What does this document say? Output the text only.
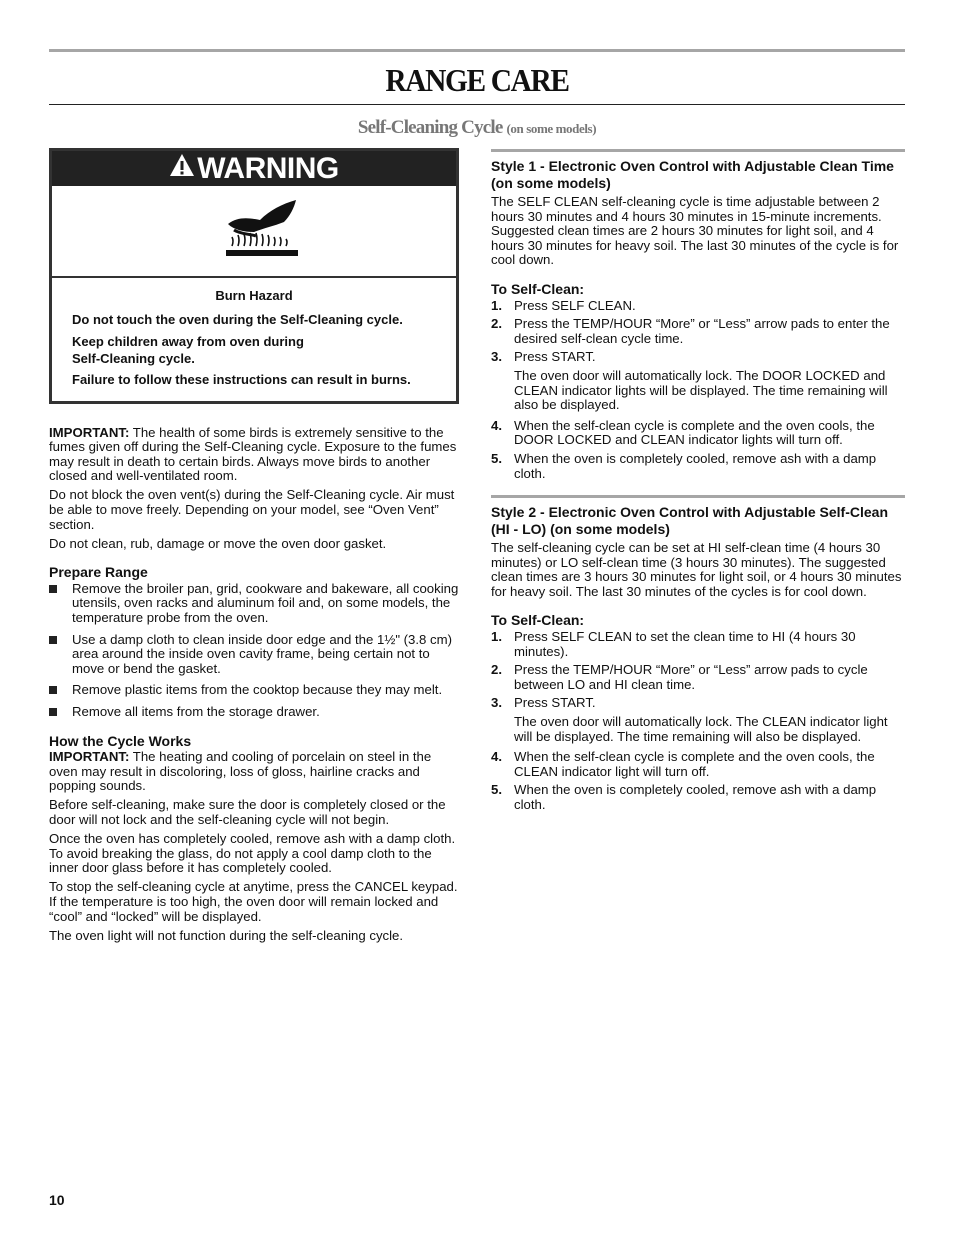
RANGE CARE
Self-Cleaning Cycle (on some models)
WARNING
Burn Hazard

Do not touch the oven during the Self-Cleaning cycle.

Keep children away from oven during Self-Cleaning cycle.

Failure to follow these instructions can result in burns.

IMPORTANT: The health of some birds is extremely sensitive to the fumes given off during the Self-Cleaning cycle. Exposure to the fumes may result in death to certain birds. Always move birds to another closed and well-ventilated room.

Do not block the oven vent(s) during the Self-Cleaning cycle. Air must be able to move freely. Depending on your model, see “Oven Vent” section.

Do not clean, rub, damage or move the oven door gasket.

Prepare Range
Remove the broiler pan, grid, cookware and bakeware, all cooking utensils, oven racks and aluminum foil and, on some models, the temperature probe from the oven.
Use a damp cloth to clean inside door edge and the 1½" (3.8 cm) area around the inside oven cavity frame, being certain not to move or bend the gasket.
Remove plastic items from the cooktop because they may melt.
Remove all items from the storage drawer.
How the Cycle Works

IMPORTANT: The heating and cooling of porcelain on steel in the oven may result in discoloring, loss of gloss, hairline cracks and popping sounds.

Before self-cleaning, make sure the door is completely closed or the door will not lock and the self-cleaning cycle will not begin.

Once the oven has completely cooled, remove ash with a damp cloth. To avoid breaking the glass, do not apply a cool damp cloth to the inner door glass before it has completely cooled.

To stop the self-cleaning cycle at anytime, press the CANCEL keypad. If the temperature is too high, the oven door will remain locked and “cool” and “locked” will be displayed.

The oven light will not function during the self-cleaning cycle.

Style 1 - Electronic Oven Control with Adjustable Clean Time (on some models)

The SELF CLEAN self-cleaning cycle is time adjustable between 2 hours 30 minutes and 4 hours 30 minutes in 15-minute increments. Suggested clean times are 2 hours 30 minutes for light soil, and 4 hours 30 minutes for heavy soil. The last 30 minutes of the cycle is for cool down.

To Self-Clean:
1. Press SELF CLEAN.
2. Press the TEMP/HOUR “More” or “Less” arrow pads to enter the desired self-clean cycle time.
3. Press START.
The oven door will automatically lock. The DOOR LOCKED and CLEAN indicator lights will be displayed. The time remaining will also be displayed.
4. When the self-clean cycle is complete and the oven cools, the DOOR LOCKED and CLEAN indicator lights will turn off.
5. When the oven is completely cooled, remove ash with a damp cloth.
Style 2 - Electronic Oven Control with Adjustable Self-Clean (HI - LO) (on some models)

The self-cleaning cycle can be set at HI self-clean time (4 hours 30 minutes) or LO self-clean time (3 hours 30 minutes). The suggested clean times are 3 hours 30 minutes for light soil, or 4 hours 30 minutes for heavy soil. The last 30 minutes of the cycles is for cool down.

To Self-Clean:
1. Press SELF CLEAN to set the clean time to HI (4 hours 30 minutes).
2. Press the TEMP/HOUR “More” or “Less” arrow pads to cycle between LO and HI clean time.
3. Press START.
The oven door will automatically lock. The CLEAN indicator light will be displayed. The time remaining will also be displayed.
4. When the self-clean cycle is complete and the oven cools, the CLEAN indicator light will turn off.
5. When the oven is completely cooled, remove ash with a damp cloth.
10
